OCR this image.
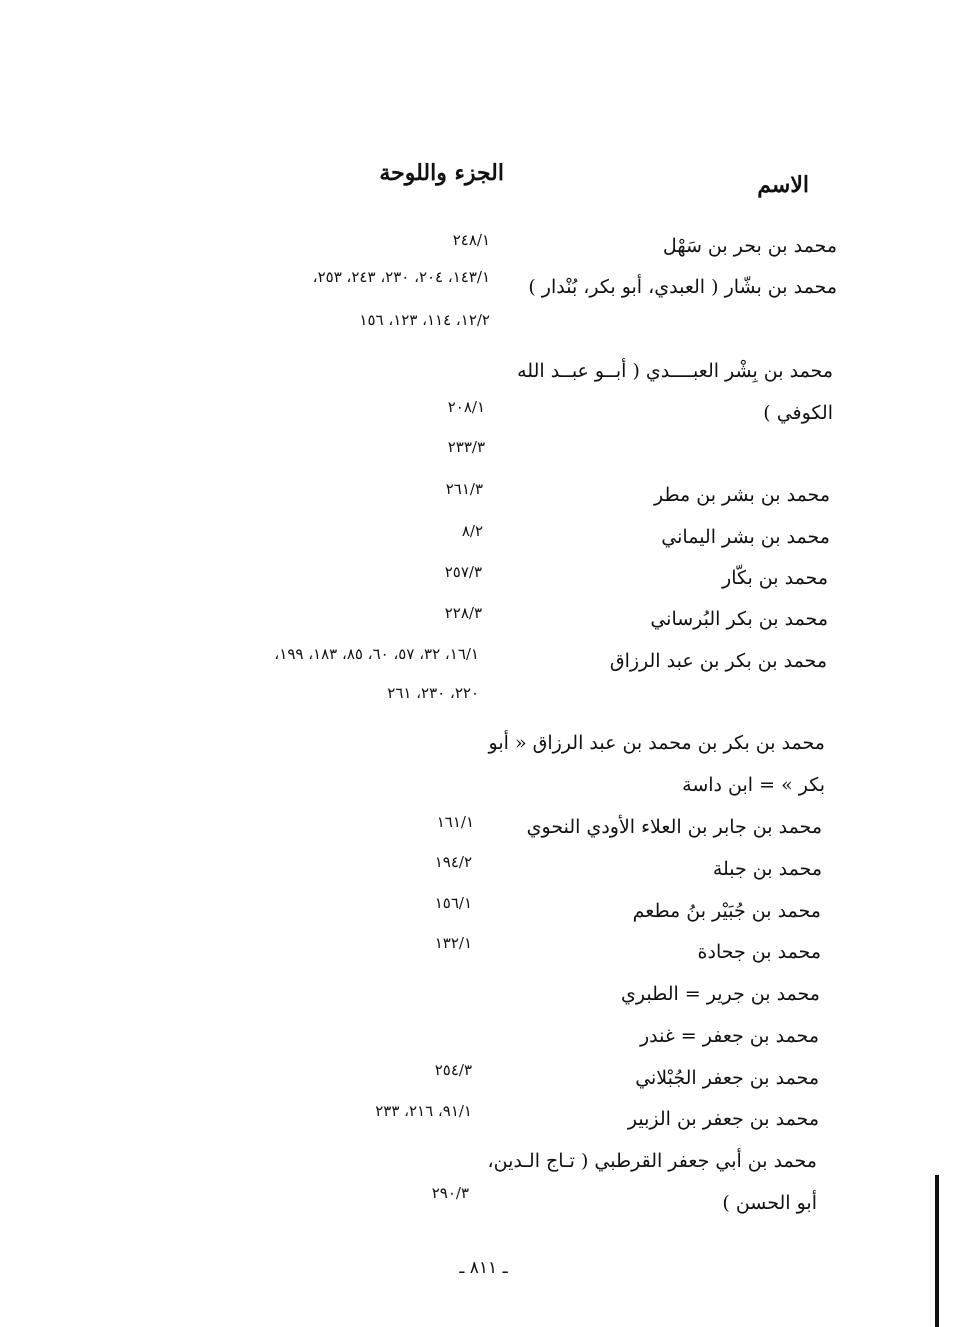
الاسم
الجزء واللوحة
محمد بن بحر بن سَهْل
محمد بن بشّار ( العبدي، أبو بكر، بُنْدار )
محمد بن بِشْر العبــــدي ( أبــو عبــد الله
الكوفي )
محمد بن بشر بن مطر
محمد بن بشر اليماني
محمد بن بكّار
محمد بن بكر البُرساني
محمد بن بكر بن عبد الرزاق
محمد بن بكر بن محمد بن عبد الرزاق « أبو
بكر » = ابن داسة
محمد بن جابر بن العلاء الأودي النحوي
محمد بن جبلة
محمد بن جُبَيْر بنُ مطعم
محمد بن جحادة
محمد بن جرير = الطبري
محمد بن جعفر = غندر
محمد بن جعفر الجُبْلاني
محمد بن جعفر بن الزبير
محمد بن أبي جعفر القرطبي ( تـاج الـدين،
أبو الحسن )
٢٤٨/١
١٤٣/١، ٢٠٤، ٢٣٠، ٢٤٣، ٢٥٣،
١٢/٢، ١١٤، ١٢٣، ١٥٦
٢٠٨/١
٢٣٣/٣
٢٦١/٣
٨/٢
٢٥٧/٣
٢٢٨/٣
١٦/١، ٣٢، ٥٧، ٦٠، ٨٥، ١٨٣، ١٩٩،
٢٢٠، ٢٣٠، ٢٦١
١٦١/١
١٩٤/٢
١٥٦/١
١٣٢/١
٢٥٤/٣
٩١/١، ٢١٦، ٢٣٣
٢٩٠/٣
ـ ٨١١ ـ
